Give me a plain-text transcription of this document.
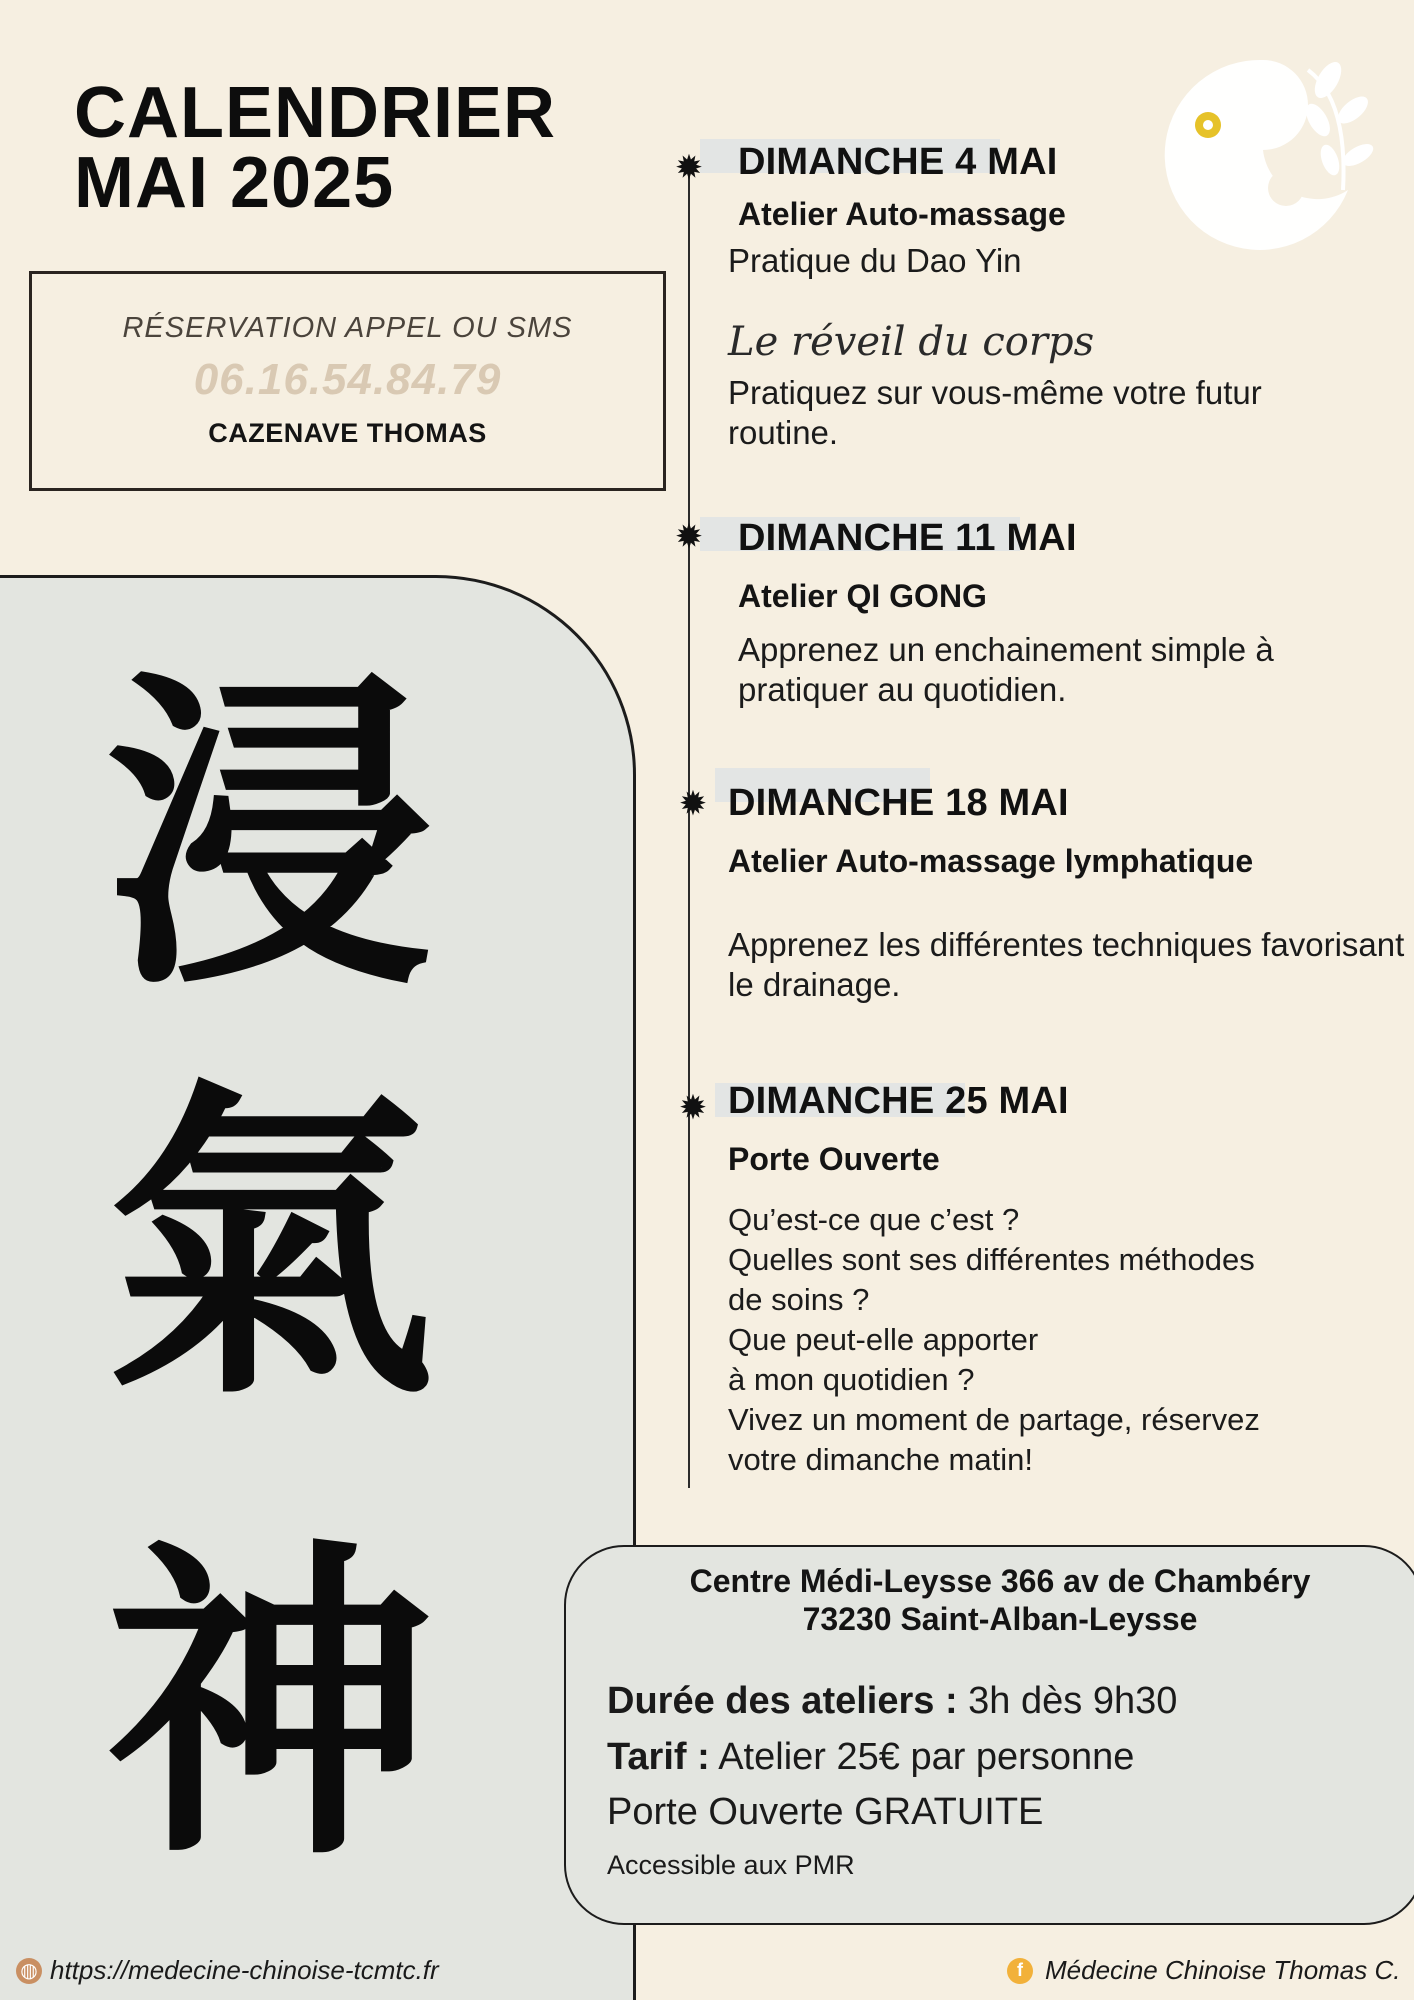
CALENDRIER
MAI 2025
RÉSERVATION APPEL OU SMS
06.16.54.84.79
CAZENAVE THOMAS
浸
氣
神
✹ DIMANCHE 4 MAI
Atelier Auto-massage
Pratique du Dao Yin
Le réveil du corps
Pratiquez sur vous-même votre futur routine.
✹ DIMANCHE 11 MAI
Atelier QI GONG
Apprenez un enchainement simple à pratiquer au quotidien.
✹ DIMANCHE 18 MAI
Atelier Auto-massage lymphatique
Apprenez les différentes techniques favorisant le drainage.
✹ DIMANCHE 25 MAI
Porte Ouverte
Qu’est-ce que c’est ?
Quelles sont ses différentes méthodes
de soins ?
Que peut-elle apporter
à mon quotidien ?
Vivez un moment de partage, réservez
votre dimanche matin!
Centre Médi-Leysse 366 av de Chambéry
73230 Saint-Alban-Leysse
Durée des ateliers : 3h dès 9h30
Tarif : Atelier 25€ par personne
Porte Ouverte GRATUITE
Accessible aux PMR
◍ https://medecine-chinoise-tcmtc.fr	f Médecine Chinoise Thomas C.
